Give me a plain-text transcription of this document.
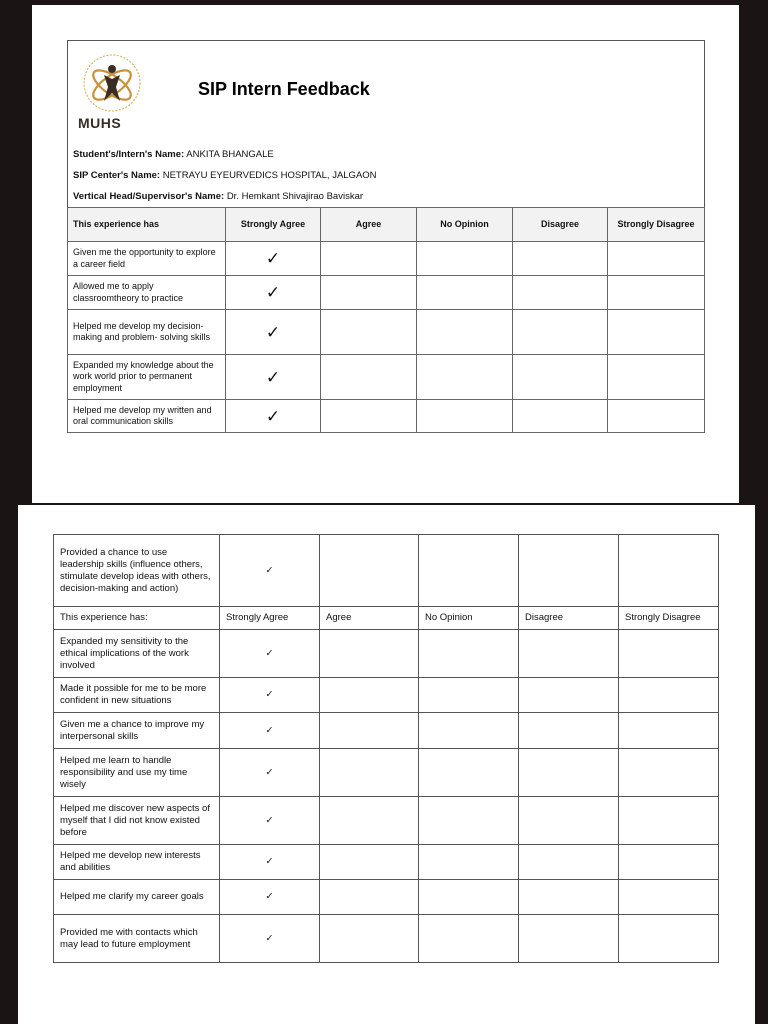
MUHS
SIP Intern Feedback
Student's/Intern's Name: ANKITA BHANGALE
SIP Center's Name: NETRAYU EYEURVEDICS HOSPITAL, JALGAON
Vertical Head/Supervisor's Name: Dr. Hemkant Shivajirao Baviskar
This experience has	Strongly Agree	Agree	No Opinion	Disagree	Strongly Disagree
Given me the opportunity to explore a career field	✓				
Allowed me to apply classroomtheory to practice	✓				
Helped me develop my decision-making and problem- solving skills	✓				
Expanded my knowledge about the work world prior to permanent employment	✓				
Helped me develop my written and oral communication skills	✓				
Provided a chance to use leadership skills (influence others, stimulate develop ideas with others, decision-making and action)	✓				
This experience has:	Strongly Agree	Agree	No Opinion	Disagree	Strongly Disagree
Expanded my sensitivity to the ethical implications of the work involved	✓				
Made it possible for me to be more confident in new situations	✓				
Given me a chance to improve my interpersonal skills	✓				
Helped me learn to handle responsibility and use my time wisely	✓				
Helped me discover new aspects of myself that I did not know existed before	✓				
Helped me develop new interests and abilities	✓				
Helped me clarify my career goals	✓				
Provided me with contacts which may lead to future employment	✓				
